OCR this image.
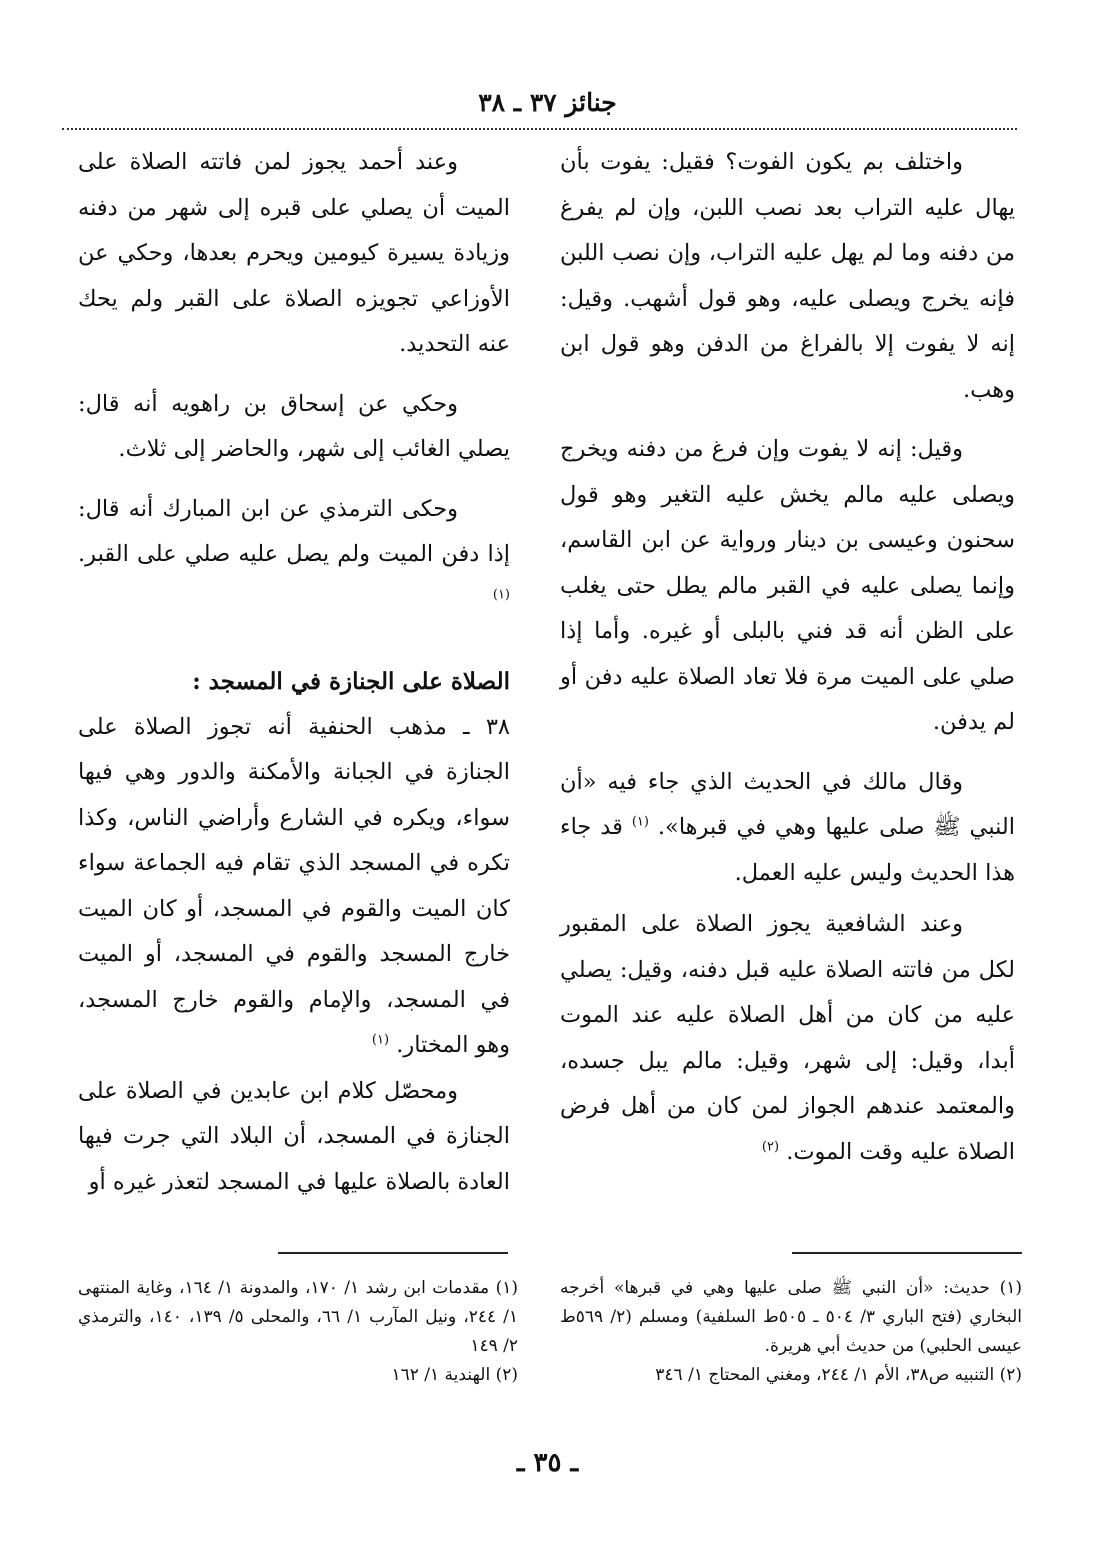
جنائز ٣٧ ـ ٣٨

واختلف بم يكون الفوت؟ فقيل: يفوت بأن يهال عليه التراب بعد نصب اللبن، وإن لم يفرغ من دفنه وما لم يهل عليه التراب، وإن نصب اللبن فإنه يخرج ويصلى عليه، وهو قول أشهب. وقيل: إنه لا يفوت إلا بالفراغ من الدفن وهو قول ابن وهب.

وقيل: إنه لا يفوت وإن فرغ من دفنه ويخرج ويصلى عليه مالم يخش عليه التغير وهو قول سحنون وعيسى بن دينار ورواية عن ابن القاسم، وإنما يصلى عليه في القبر مالم يطل حتى يغلب على الظن أنه قد فني بالبلى أو غيره. وأما إذا صلي على الميت مرة فلا تعاد الصلاة عليه دفن أو لم يدفن.

وقال مالك في الحديث الذي جاء فيه «أن النبي ﷺ صلى عليها وهي في قبرها». $^{(١)}$ قد جاء هذا الحديث وليس عليه العمل.

وعند الشافعية يجوز الصلاة على المقبور لكل من فاتته الصلاة عليه قبل دفنه، وقيل: يصلي عليه من كان من أهل الصلاة عليه عند الموت أبدا، وقيل: إلى شهر، وقيل: مالم يبل جسده، والمعتمد عندهم الجواز لمن كان من أهل فرض الصلاة عليه وقت الموت. $^{(٢)}$

وعند أحمد يجوز لمن فاتته الصلاة على الميت أن يصلي على قبره إلى شهر من دفنه وزيادة يسيرة كيومين ويحرم بعدها، وحكي عن الأوزاعي تجويزه الصلاة على القبر ولم يحك عنه التحديد.

وحكي عن إسحاق بن راهويه أنه قال: يصلي الغائب إلى شهر، والحاضر إلى ثلاث.

وحكى الترمذي عن ابن المبارك أنه قال: إذا دفن الميت ولم يصل عليه صلي على القبر. $^{(١)}$

الصلاة على الجنازة في المسجد :

٣٨ ـ مذهب الحنفية أنه تجوز الصلاة على الجنازة في الجبانة والأمكنة والدور وهي فيها سواء، ويكره في الشارع وأراضي الناس، وكذا تكره في المسجد الذي تقام فيه الجماعة سواء كان الميت والقوم في المسجد، أو كان الميت خارج المسجد والقوم في المسجد، أو الميت في المسجد، والإمام والقوم خارج المسجد، وهو المختار. $^{(١)}$

ومحصّل كلام ابن عابدين في الصلاة على الجنازة في المسجد، أن البلاد التي جرت فيها العادة بالصلاة عليها في المسجد لتعذر غيره أو

(١) حديث: «أن النبي ﷺ صلى عليها وهي في قبرها» أخرجه البخاري (فتح الباري ٣/ ٥٠٤ ـ ٥٠٥ط السلفية) ومسلم (٢/ ٥٦٩ط عيسى الحلبي) من حديث أبي هريرة.

(٢) التنبيه ص٣٨، الأم ١/ ٢٤٤، ومغني المحتاج ١/ ٣٤٦

(١) مقدمات ابن رشد ١/ ١٧٠، والمدونة ١/ ١٦٤، وغاية المنتهى ١/ ٢٤٤، ونيل المآرب ١/ ٦٦، والمحلى ٥/ ١٣٩، ١٤٠، والترمذي ٢/ ١٤٩

(٢) الهندية ١/ ١٦٢

ـ ٣٥ ـ
